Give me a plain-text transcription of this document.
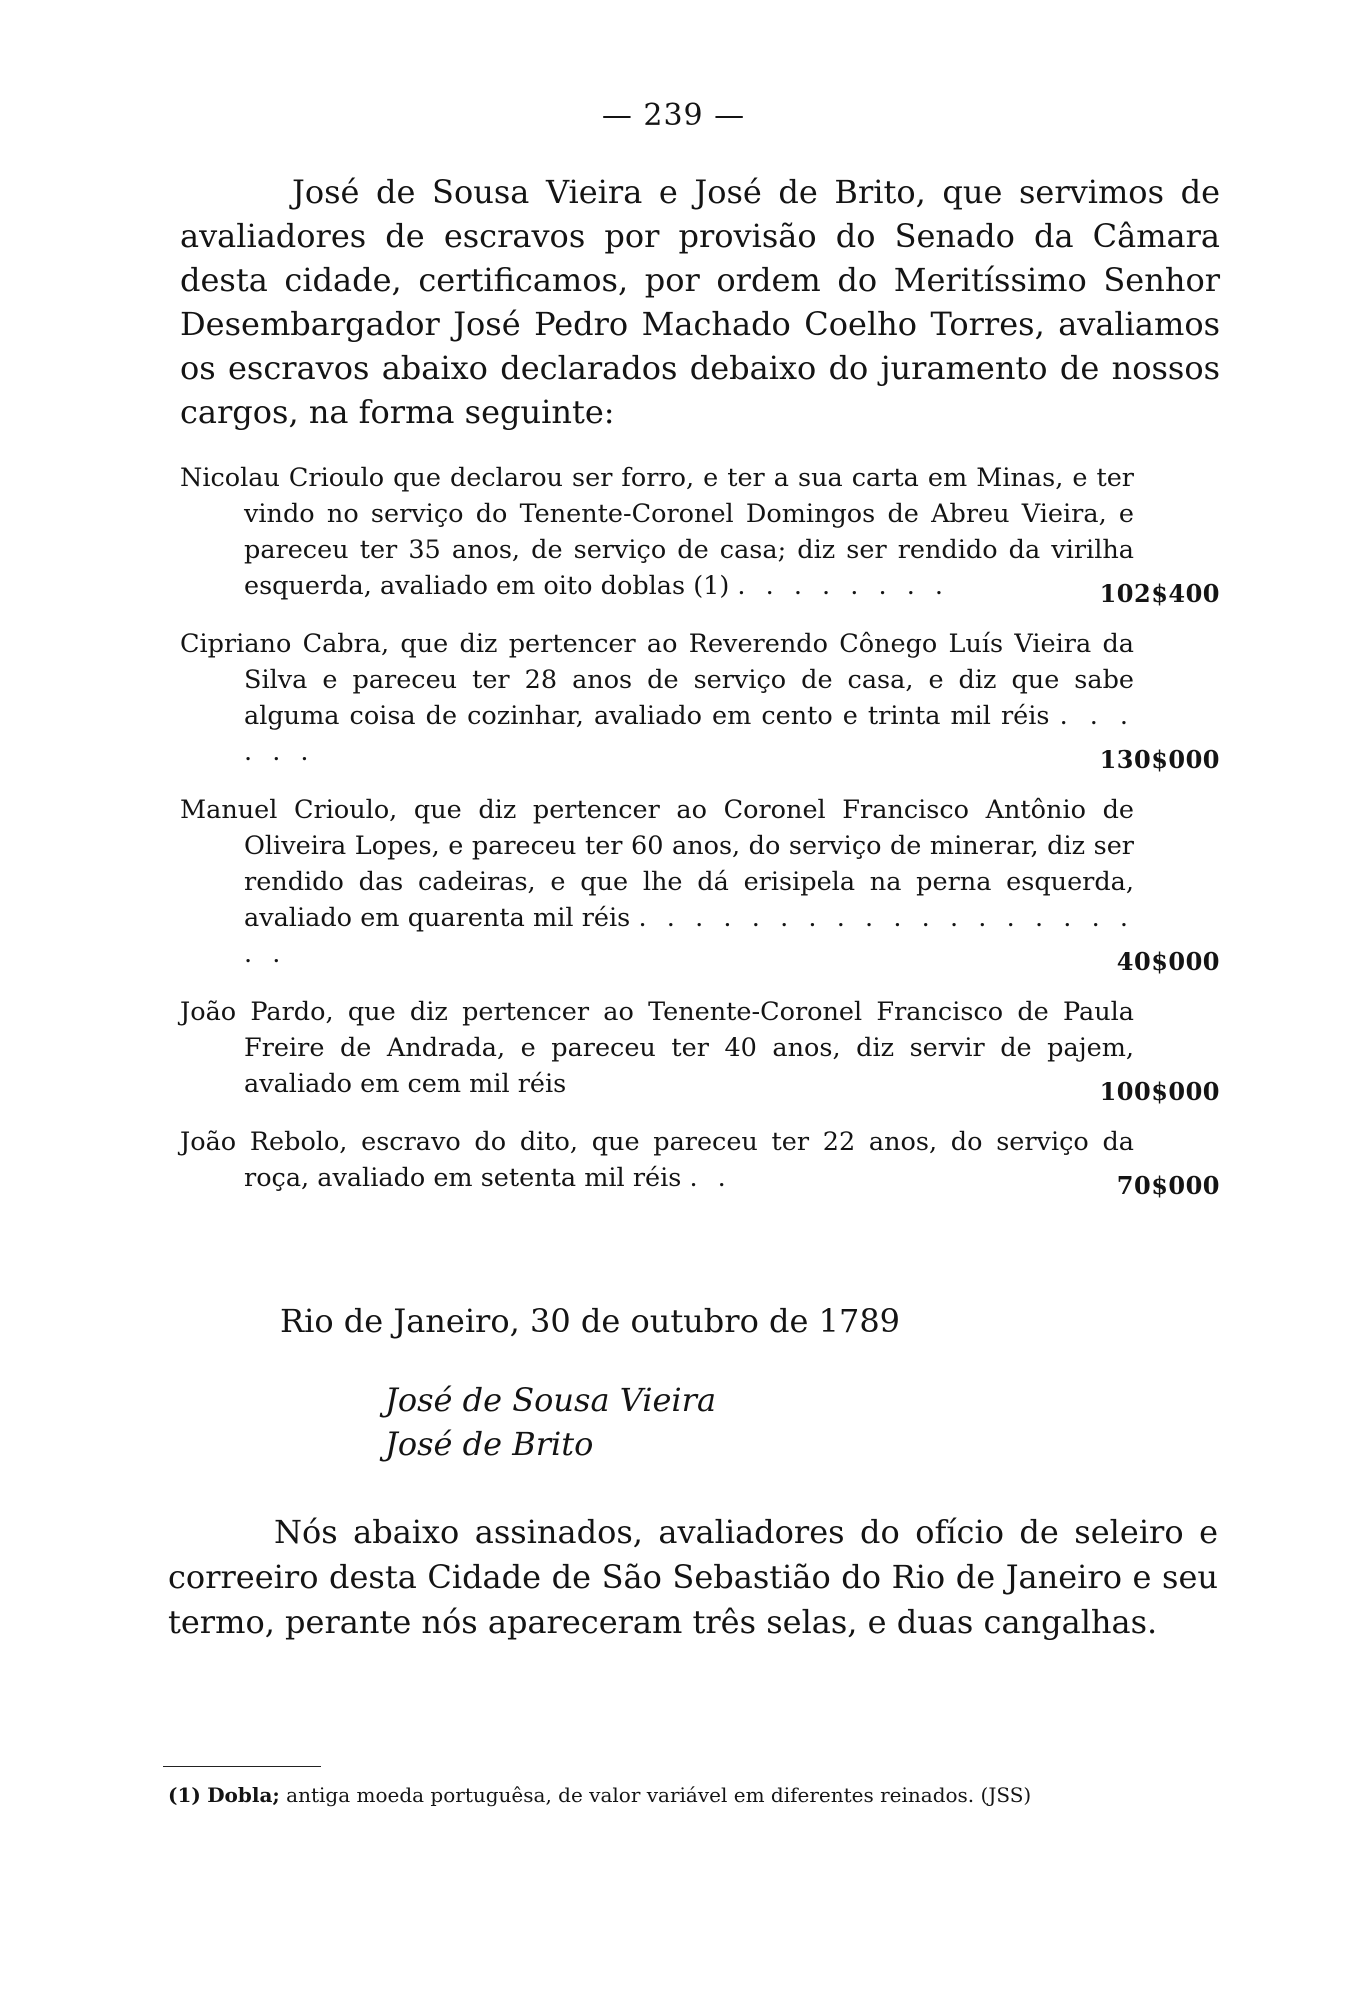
— 239 —

José de Sousa Vieira e José de Brito, que servimos de avaliadores de escravos por provisão do Senado da Câmara desta cidade, certificamos, por ordem do Meritíssimo Senhor Desembargador José Pedro Machado Coelho Torres, avaliamos os escravos abaixo declarados debaixo do juramento de nossos cargos, na forma seguinte:

Nicolau Crioulo que declarou ser forro, e ter a sua carta em Minas, e ter vindo no serviço do Tenente-Coronel Domingos de Abreu Vieira, e pareceu ter 35 anos, de serviço de casa; diz ser rendido da virilha esquerda, avaliado em oito doblas (1) . . . . . . . .	102$400
Cipriano Cabra, que diz pertencer ao Reverendo Cônego Luís Vieira da Silva e pareceu ter 28 anos de serviço de casa, e diz que sabe alguma coisa de cozinhar, avaliado em cento e trinta mil réis . . . . . .	130$000
Manuel Crioulo, que diz pertencer ao Coronel Francisco Antônio de Oliveira Lopes, e pareceu ter 60 anos, do serviço de minerar, diz ser rendido das cadeiras, e que lhe dá erisipela na perna esquerda, avaliado em quarenta mil réis . . . . . . . . . . . . . . . . . . . .	40$000
João Pardo, que diz pertencer ao Tenente-Coronel Francisco de Paula Freire de Andrada, e pareceu ter 40 anos, diz servir de pajem, avaliado em cem mil réis	100$000
João Rebolo, escravo do dito, que pareceu ter 22 anos, do serviço da roça, avaliado em setenta mil réis . .	70$000

Rio de Janeiro, 30 de outubro de 1789

José de Sousa Vieira

José de Brito

Nós abaixo assinados, avaliadores do ofício de seleiro e correeiro desta Cidade de São Sebastião do Rio de Janeiro e seu termo, perante nós apareceram três selas, e duas cangalhas.

(1) Dobla; antiga moeda portuguêsa, de valor variável em diferentes reinados. (JSS)
